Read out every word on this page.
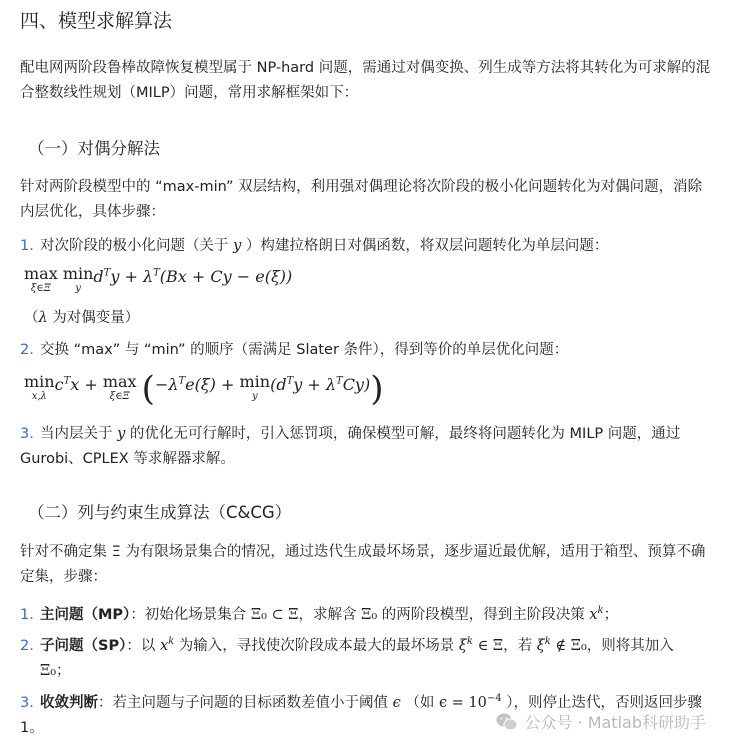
四、模型求解算法
配电网两阶段鲁棒故障恢复模型属于 NP-hard 问题，需通过对偶变换、列生成等方法将其转化为可求解的混合整数线性规划（MILP）问题，常用求解框架如下：
（一）对偶分解法
针对两阶段模型中的 “max-min” 双层结构，利用强对偶理论将次阶段的极小化问题转化为对偶问题，消除内层优化，具体步骤：
1. 对次阶段的极小化问题（关于 y ）构建拉格朗日对偶函数，将双层问题转化为单层问题：
max
ξ∈Ξ

min
y
$d^Ty + \lambda^T(Bx + Cy - e(\xi))$
（λ 为对偶变量）
2. 交换 “max” 与 “min” 的顺序（需满足 Slater 条件），得到等价的单层优化问题：
min
x,λ
$c^Tx + \max$
ξ∈Ξ ($-\lambda^Te(\xi) + \min$
y
$(d^Ty + \lambda^TCy)$)
3. 当内层关于 y 的优化无可行解时，引入惩罚项，确保模型可解，最终将问题转化为 MILP 问题，通过 Gurobi、CPLEX 等求解器求解。
（二）列与约束生成算法（C&CG）
针对不确定集 Ξ 为有限场景集合的情况，通过迭代生成最坏场景，逐步逼近最优解，适用于箱型、预算不确定集，步骤：
1. 主问题（MP）：初始化场景集合 Ξ₀ ⊂ Ξ，求解含 Ξ₀ 的两阶段模型，得到主阶段决策 $x^k$；
2. 子问题（SP）：以 $x^k$ 为输入，寻找使次阶段成本最大的最坏场景 $\xi^k$ ∈ Ξ，若 $\xi^k$ ∉ Ξ₀，则将其加入
Ξ₀；
3. 收敛判断：若主问题与子问题的目标函数差值小于阈值 ϵ （如 $\epsilon = 10^{-4}$ ），则停止迭代，否则返回步骤 1。	公众号 · Matlab科研助手
